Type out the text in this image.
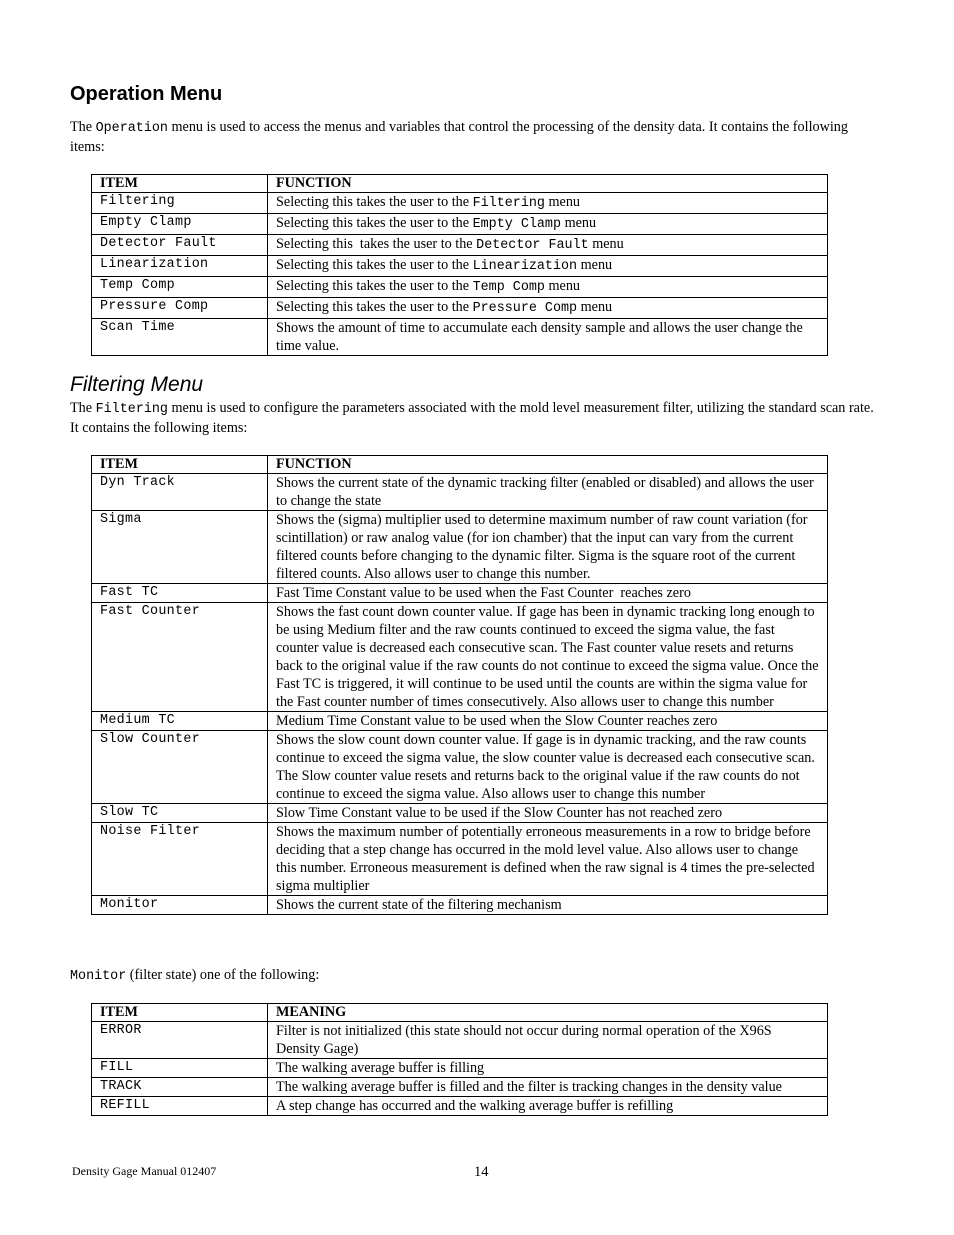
Operation Menu

The Operation menu is used to access the menus and variables that control the processing of the density data. It contains the following items:

ITEM	FUNCTION
Filtering	Selecting this takes the user to the Filtering menu
Empty Clamp	Selecting this takes the user to the Empty Clamp menu
Detector Fault	Selecting this  takes the user to the Detector Fault menu
Linearization	Selecting this takes the user to the Linearization menu
Temp Comp	Selecting this takes the user to the Temp Comp menu
Pressure Comp	Selecting this takes the user to the Pressure Comp menu
Scan Time	Shows the amount of time to accumulate each density sample and allows the user change the time value.
Filtering Menu

The Filtering menu is used to configure the parameters associated with the mold level measurement filter, utilizing the standard scan rate. It contains the following items:

ITEM	FUNCTION
Dyn Track	Shows the current state of the dynamic tracking filter (enabled or disabled) and allows the user to change the state
Sigma	Shows the (sigma) multiplier used to determine maximum number of raw count variation (for scintillation) or raw analog value (for ion chamber) that the input can vary from the current filtered counts before changing to the dynamic filter. Sigma is the square root of the current filtered counts. Also allows user to change this number.
Fast TC	Fast Time Constant value to be used when the Fast Counter  reaches zero
Fast Counter	Shows the fast count down counter value. If gage has been in dynamic tracking long enough to be using Medium filter and the raw counts continued to exceed the sigma value, the fast counter value is decreased each consecutive scan. The Fast counter value resets and returns back to the original value if the raw counts do not continue to exceed the sigma value. Once the Fast TC is triggered, it will continue to be used until the counts are within the sigma value for the Fast counter number of times consecutively. Also allows user to change this number
Medium TC	Medium Time Constant value to be used when the Slow Counter reaches zero
Slow Counter	Shows the slow count down counter value. If gage is in dynamic tracking, and the raw counts continue to exceed the sigma value, the slow counter value is decreased each consecutive scan. The Slow counter value resets and returns back to the original value if the raw counts do not continue to exceed the sigma value. Also allows user to change this number
Slow TC	Slow Time Constant value to be used if the Slow Counter has not reached zero
Noise Filter	Shows the maximum number of potentially erroneous measurements in a row to bridge before deciding that a step change has occurred in the mold level value. Also allows user to change this number. Erroneous measurement is defined when the raw signal is 4 times the pre-selected sigma multiplier
Monitor	Shows the current state of the filtering mechanism

Monitor (filter state) one of the following:

ITEM	MEANING
ERROR	Filter is not initialized (this state should not occur during normal operation of the X96S Density Gage)
FILL	The walking average buffer is filling
TRACK	The walking average buffer is filled and the filter is tracking changes in the density value
REFILL	A step change has occurred and the walking average buffer is refilling
Density Gage Manual 012407	14
